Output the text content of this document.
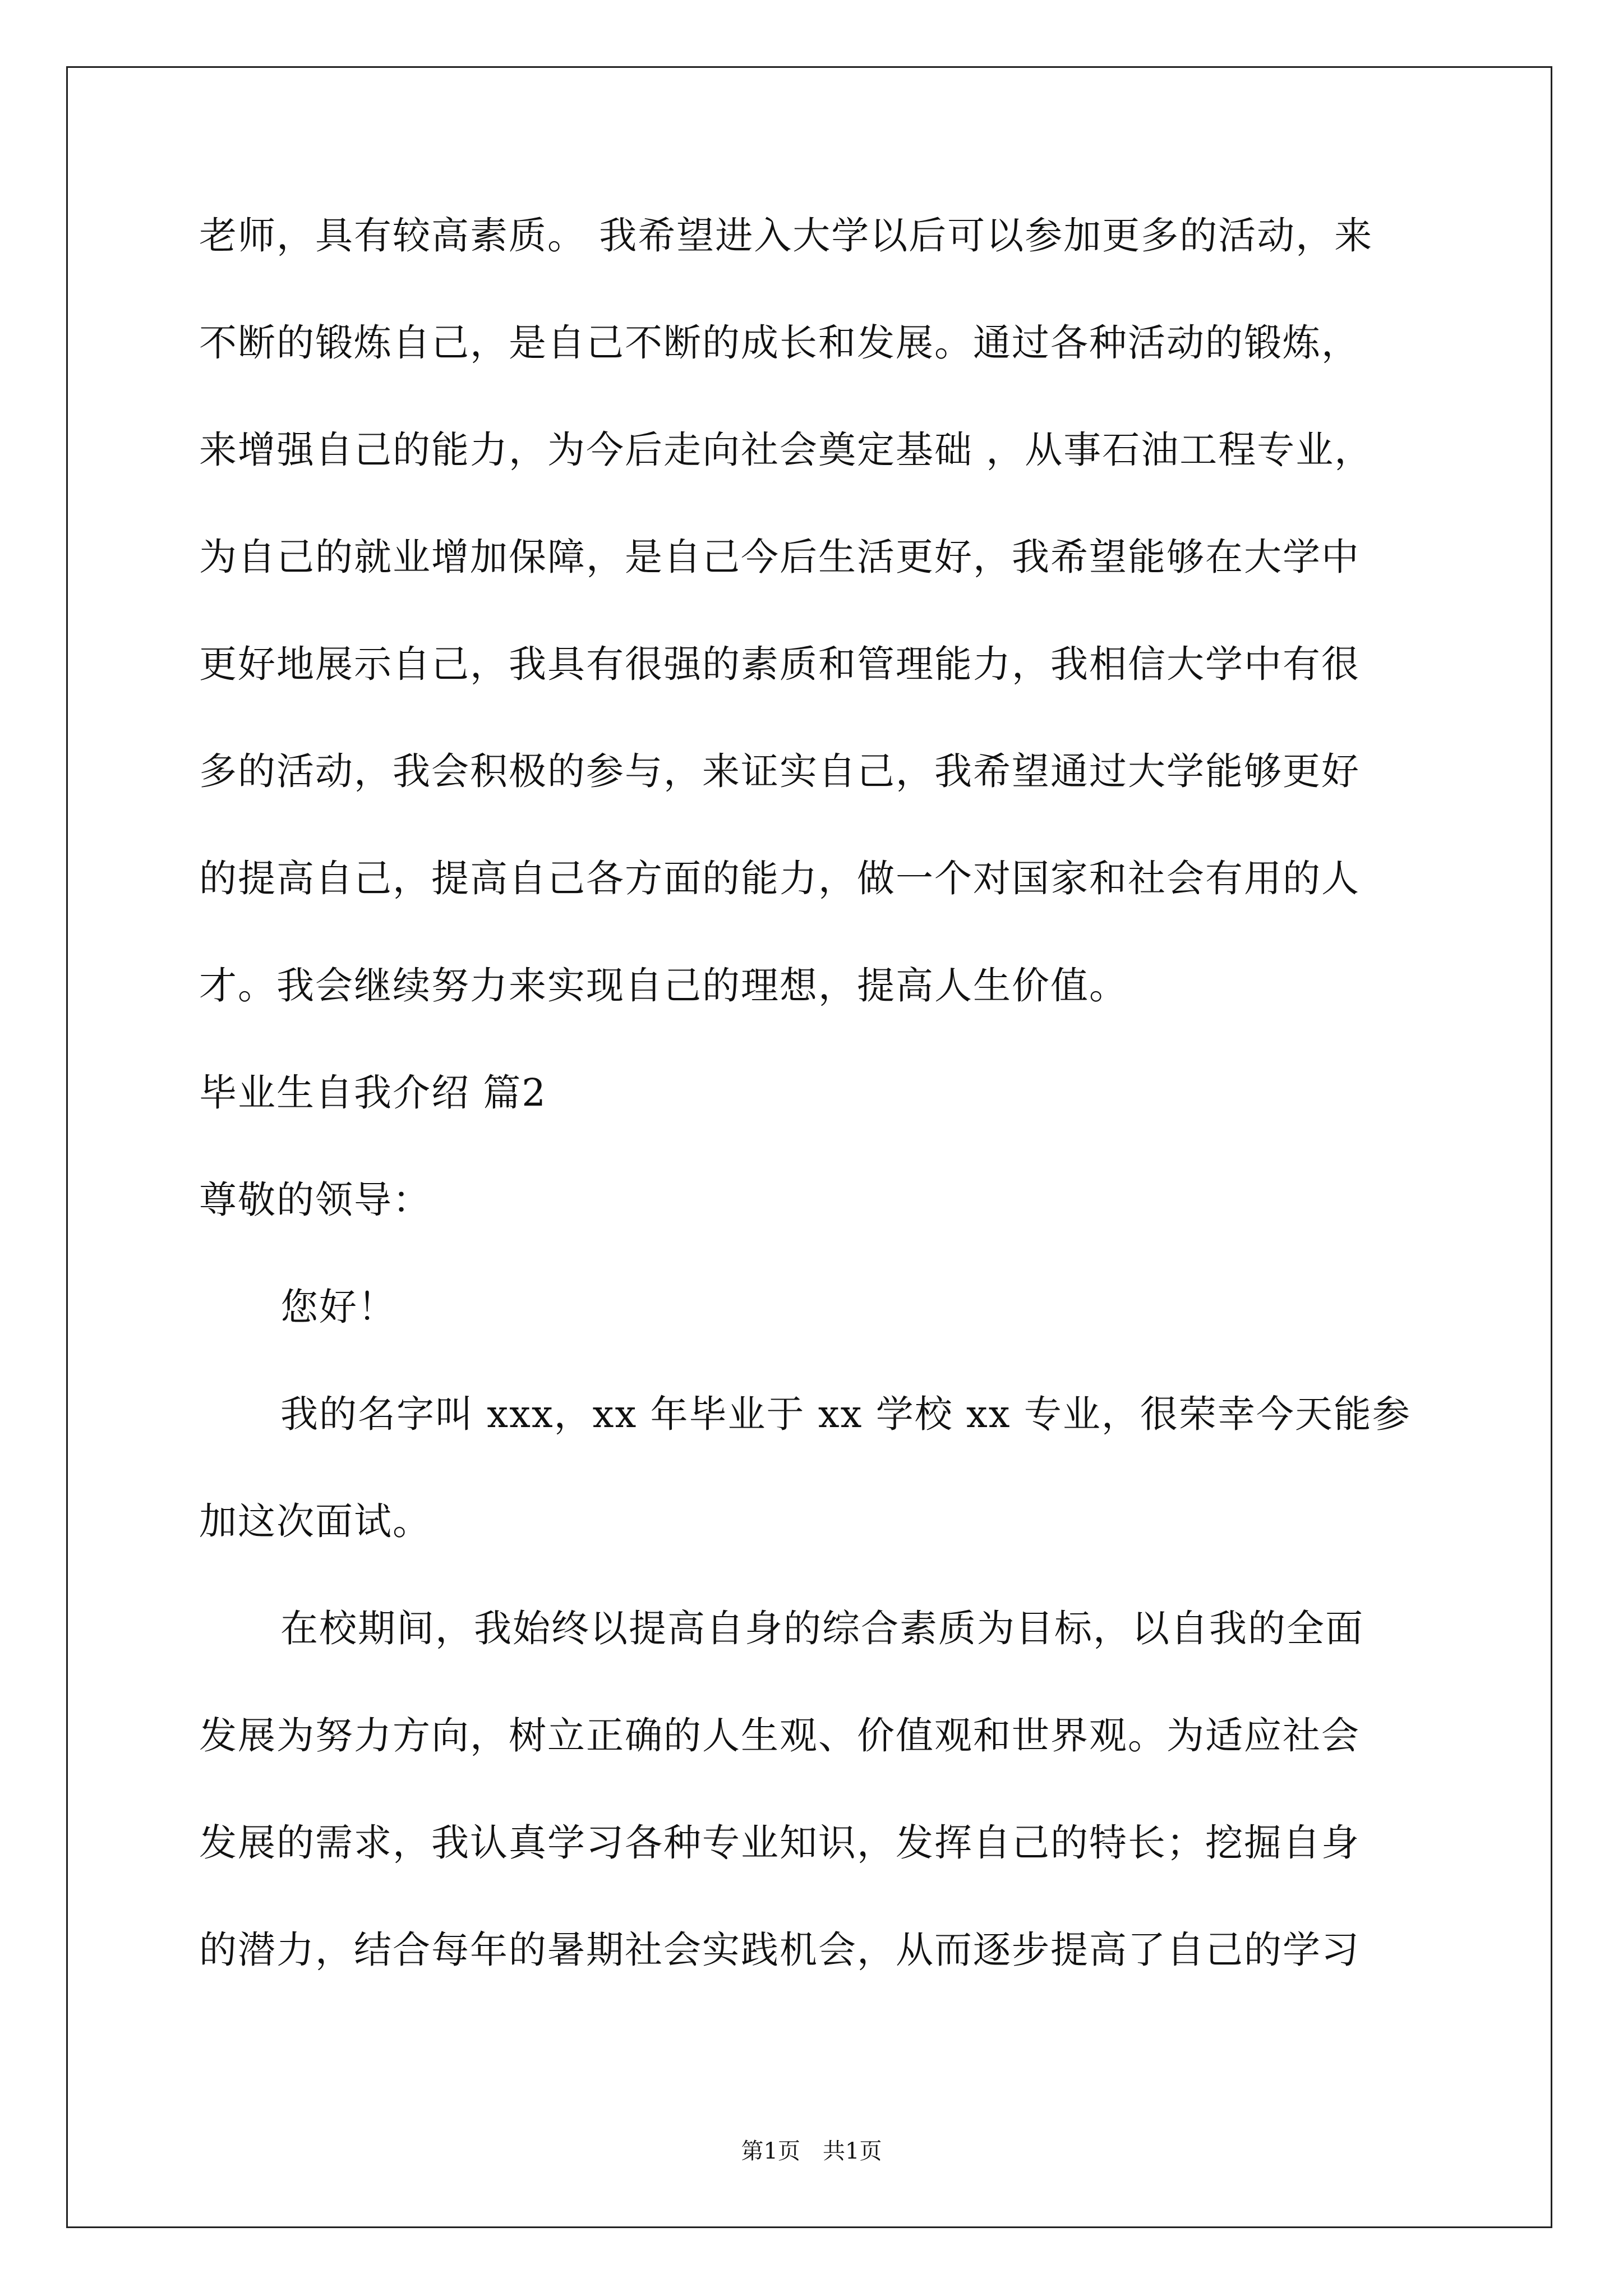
老师，具有较高素质。 我希望进入大学以后可以参加更多的活动，来
不断的锻炼自己，是自己不断的成长和发展。通过各种活动的锻炼，
来增强自己的能力，为今后走向社会奠定基础 ，从事石油工程专业，
为自己的就业增加保障，是自己今后生活更好，我希望能够在大学中
更好地展示自己，我具有很强的素质和管理能力，我相信大学中有很
多的活动，我会积极的参与，来证实自己，我希望通过大学能够更好
的提高自己，提高自己各方面的能力，做一个对国家和社会有用的人
才。我会继续努力来实现自己的理想，提高人生价值。
毕业生自我介绍 篇2
尊敬的领导：
您好！
我的名字叫 xxx，xx 年毕业于 xx 学校 xx 专业，很荣幸今天能参
加这次面试。
在校期间，我始终以提高自身的综合素质为目标，以自我的全面
发展为努力方向，树立正确的人生观、价值观和世界观。为适应社会
发展的需求，我认真学习各种专业知识，发挥自己的特长；挖掘自身
的潜力，结合每年的暑期社会实践机会，从而逐步提高了自己的学习
第1页　共1页
